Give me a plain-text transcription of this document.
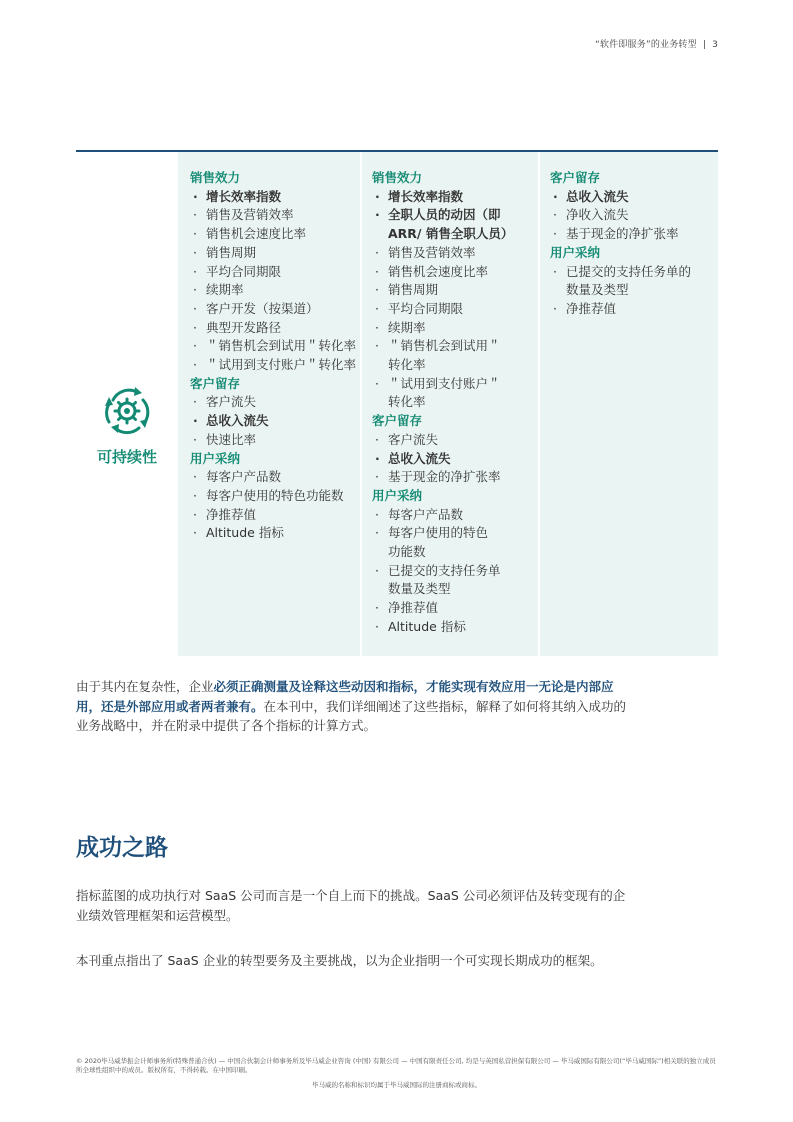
“软件即服务”的业务转型 | 3
可持续性
销售效力
· 增长效率指数
· 销售及营销效率
· 销售机会速度比率
· 销售周期
· 平均合同期限
· 续期率
· 客户开发（按渠道）
· 典型开发路径
· ＂销售机会到试用＂转化率
· ＂试用到支付账户＂转化率
客户留存
· 客户流失
· 总收入流失
· 快速比率
用户采纳
· 每客户产品数
· 每客户使用的特色功能数
· 净推荐值
· Altitude 指标
销售效力
· 增长效率指数
· 全职人员的动因（即
ARR/ 销售全职人员）
· 销售及营销效率
· 销售机会速度比率
· 销售周期
· 平均合同期限
· 续期率
· ＂销售机会到试用＂
转化率
· ＂试用到支付账户＂
转化率
客户留存
· 客户流失
· 总收入流失
· 基于现金的净扩张率
用户采纳
· 每客户产品数
· 每客户使用的特色
功能数
· 已提交的支持任务单
数量及类型
· 净推荐值
· Altitude 指标
客户留存
· 总收入流失
· 净收入流失
· 基于现金的净扩张率
用户采纳
· 已提交的支持任务单的
数量及类型
· 净推荐值

由于其内在复杂性，企业必须正确测量及诠释这些动因和指标，才能实现有效应用一无论是内部应用，还是外部应用或者两者兼有。在本刊中，我们详细阐述了这些指标，解释了如何将其纳入成功的业务战略中，并在附录中提供了各个指标的计算方式。

成功之路

指标蓝图的成功执行对 SaaS 公司而言是一个自上而下的挑战。SaaS 公司必须评估及转变现有的企业绩效管理框架和运营模型。

本刊重点指出了 SaaS 企业的转型要务及主要挑战，以为企业指明一个可实现长期成功的框架。

© 2020毕马威华振会计师事务所(特殊普通合伙) — 中国合伙制会计师事务所及毕马威企业咨询 (中国) 有限公司 — 中国有限责任公司, 均是与英国私营担保有限公司 — 毕马威国际有限公司(“毕马威国际”)相关联的独立成员所全球性组织中的成员。版权所有，不得转载。在中国印刷。
毕马威的名称和标识均属于毕马威国际的注册商标或商标。
